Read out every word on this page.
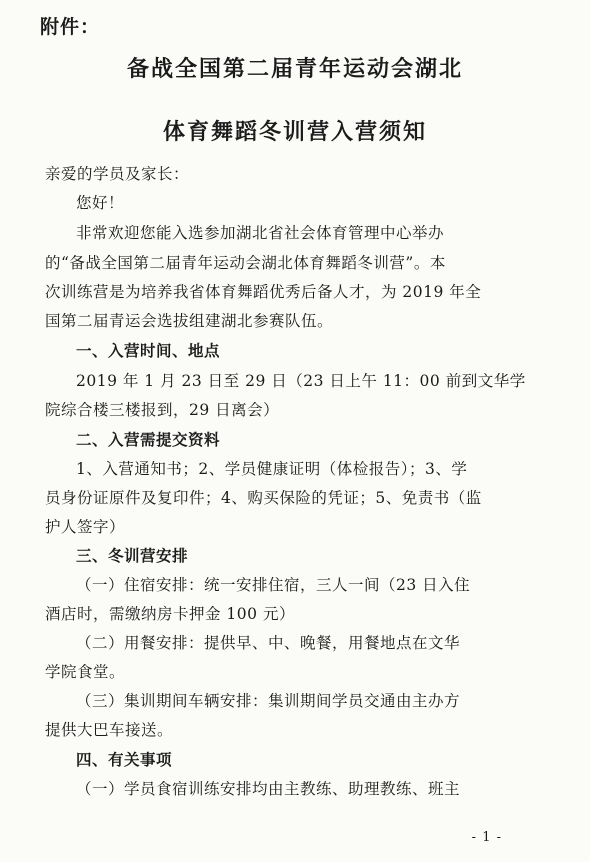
附件：
备战全国第二届青年运动会湖北
体育舞蹈冬训营入营须知
亲爱的学员及家长：
您好！
非常欢迎您能入选参加湖北省社会体育管理中心举办
的“备战全国第二届青年运动会湖北体育舞蹈冬训营”。本
次训练营是为培养我省体育舞蹈优秀后备人才，为 2019 年全
国第二届青运会选拔组建湖北参赛队伍。
一、入营时间、地点
2019 年 1 月 23 日至 29 日（23 日上午 11：00 前到文华学
院综合楼三楼报到，29 日离会）
二、入营需提交资料
1、入营通知书；2、学员健康证明（体检报告）；3、学
员身份证原件及复印件；4、购买保险的凭证；5、免责书（监
护人签字）
三、冬训营安排
（一）住宿安排：统一安排住宿，三人一间（23 日入住
酒店时，需缴纳房卡押金 100 元）
（二）用餐安排：提供早、中、晚餐，用餐地点在文华
学院食堂。
（三）集训期间车辆安排：集训期间学员交通由主办方
提供大巴车接送。
四、有关事项
（一）学员食宿训练安排均由主教练、助理教练、班主
- 1 -
